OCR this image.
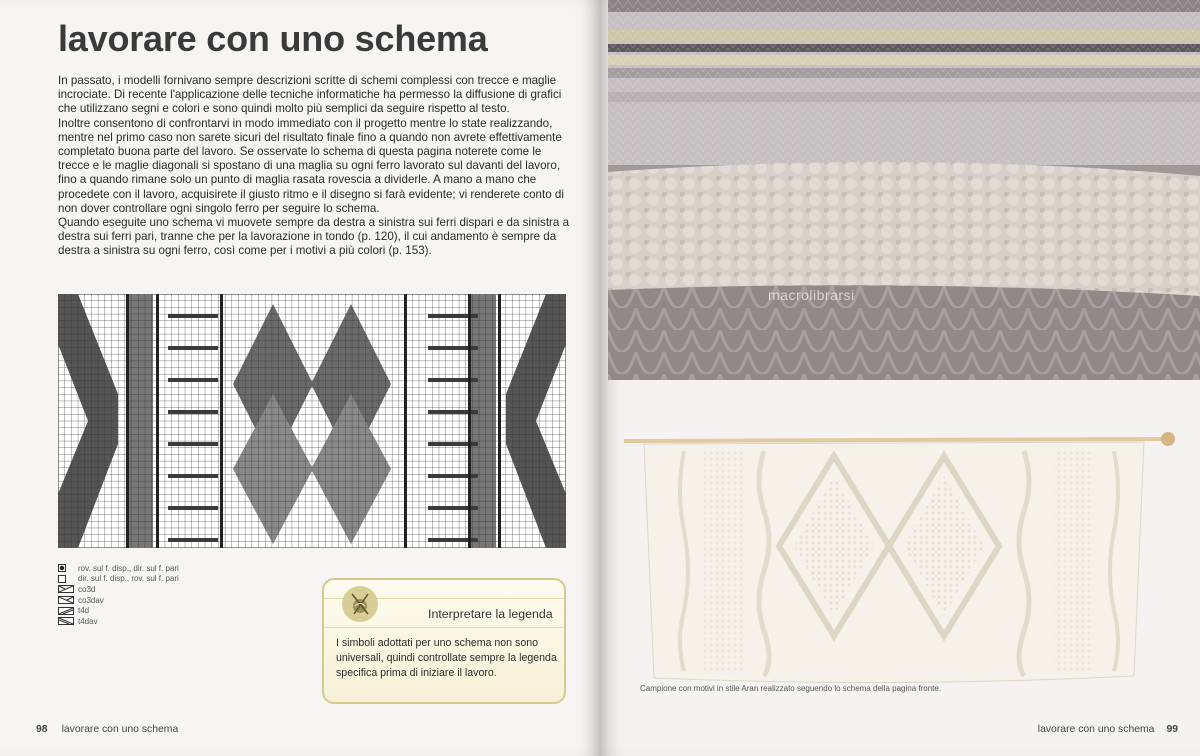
lavorare con uno schema

In passato, i modelli fornivano sempre descrizioni scritte di schemi complessi con trecce e maglie incrociate. Di recente l'applicazione delle tecniche informatiche ha permesso la diffusione di grafici che utilizzano segni e colori e sono quindi molto più semplici da seguire rispetto al testo.

Inoltre consentono di confrontarvi in modo immediato con il progetto mentre lo state realizzando, mentre nel primo caso non sarete sicuri del risultato finale fino a quando non avrete effettivamente completato buona parte del lavoro. Se osservate lo schema di questa pagina noterete come le trecce e le maglie diagonali si spostano di una maglia su ogni ferro lavorato sul davanti del lavoro, fino a quando rimane solo un punto di maglia rasata rovescia a dividerle. A mano a mano che procedete con il lavoro, acquisirete il giusto ritmo e il disegno si farà evidente; vi renderete conto di non dover controllare ogni singolo ferro per seguire lo schema.

Quando eseguite uno schema vi muovete sempre da destra a sinistra sui ferri dispari e da sinistra a destra sui ferri pari, tranne che per la lavorazione in tondo (p. 120), il cui andamento è sempre da destra a sinistra su ogni ferro, così come per i motivi a più colori (p. 153).

rov. sul f. disp., dir. sul f. pari
dir. sul f. disp., rov. sul f. pari
co3d
co3dav
t4d
t4dav
Interpretare la legenda
I simboli adottati per uno schema non sono universali, quindi controllate sempre la legenda specifica prima di iniziare il lavoro.
98 lavorare con uno schema
macrolibrarsi
Campione con motivi in stile Aran realizzato seguendo lo schema della pagina fronte.
lavorare con uno schema 99
